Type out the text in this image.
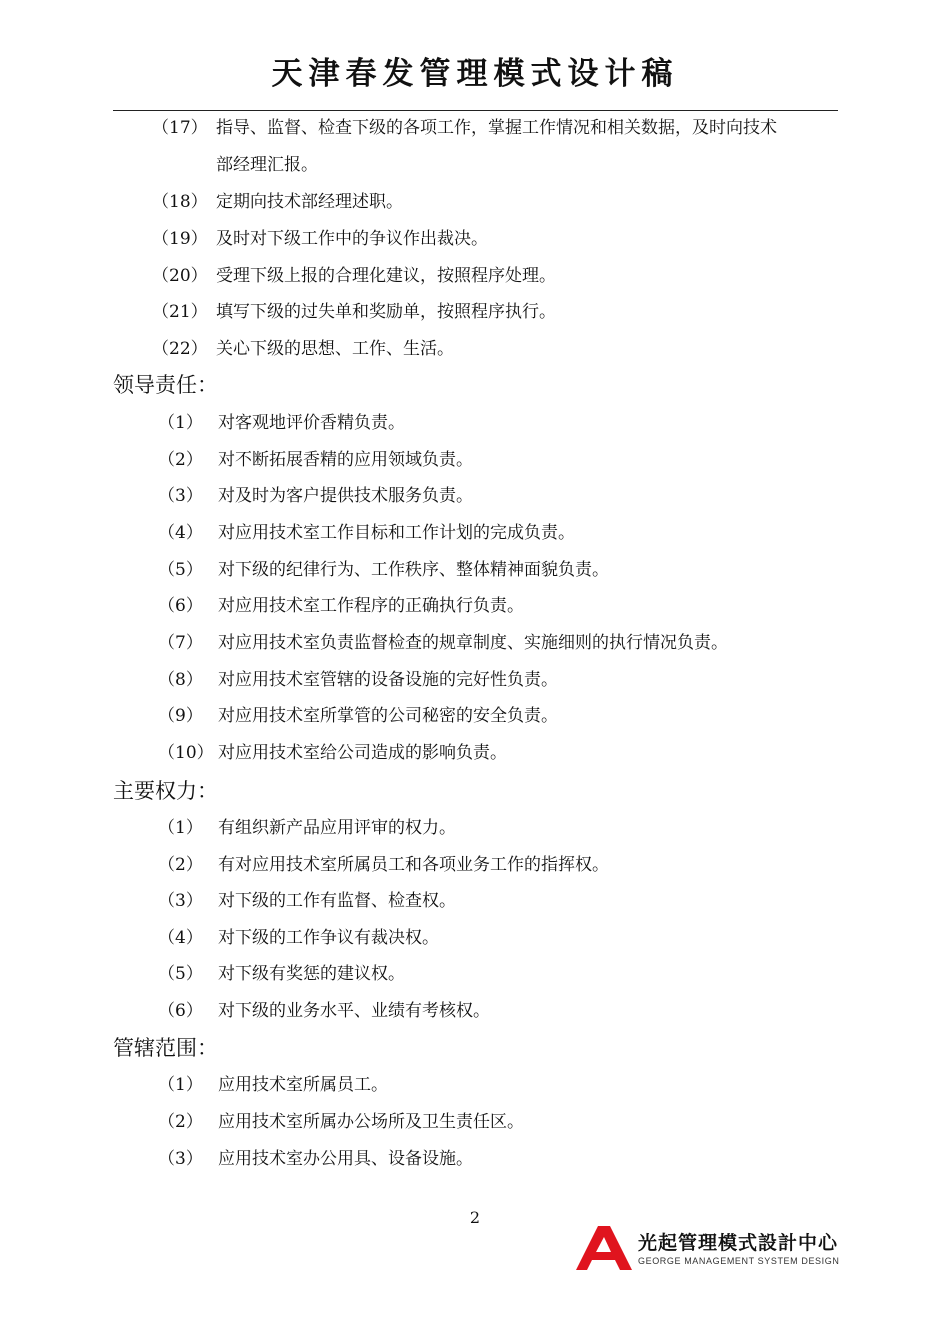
天津春发管理模式设计稿
（17） 指导、监督、检查下级的各项工作，掌握工作情况和相关数据，及时向技术
部经理汇报。
（18） 定期向技术部经理述职。
（19） 及时对下级工作中的争议作出裁决。
（20） 受理下级上报的合理化建议，按照程序处理。
（21） 填写下级的过失单和奖励单，按照程序执行。
（22） 关心下级的思想、工作、生活。
领导责任：
（1） 对客观地评价香精负责。
（2） 对不断拓展香精的应用领域负责。
（3） 对及时为客户提供技术服务负责。
（4） 对应用技术室工作目标和工作计划的完成负责。
（5） 对下级的纪律行为、工作秩序、整体精神面貌负责。
（6） 对应用技术室工作程序的正确执行负责。
（7） 对应用技术室负责监督检查的规章制度、实施细则的执行情况负责。
（8） 对应用技术室管辖的设备设施的完好性负责。
（9） 对应用技术室所掌管的公司秘密的安全负责。
（10） 对应用技术室给公司造成的影响负责。
主要权力：
（1） 有组织新产品应用评审的权力。
（2） 有对应用技术室所属员工和各项业务工作的指挥权。
（3） 对下级的工作有监督、检查权。
（4） 对下级的工作争议有裁决权。
（5） 对下级有奖惩的建议权。
（6） 对下级的业务水平、业绩有考核权。
管辖范围：
（1） 应用技术室所属员工。
（2） 应用技术室所属办公场所及卫生责任区。
（3） 应用技术室办公用具、设备设施。
2
光起管理模式設計中心
GEORGE MANAGEMENT SYSTEM DESIGN
